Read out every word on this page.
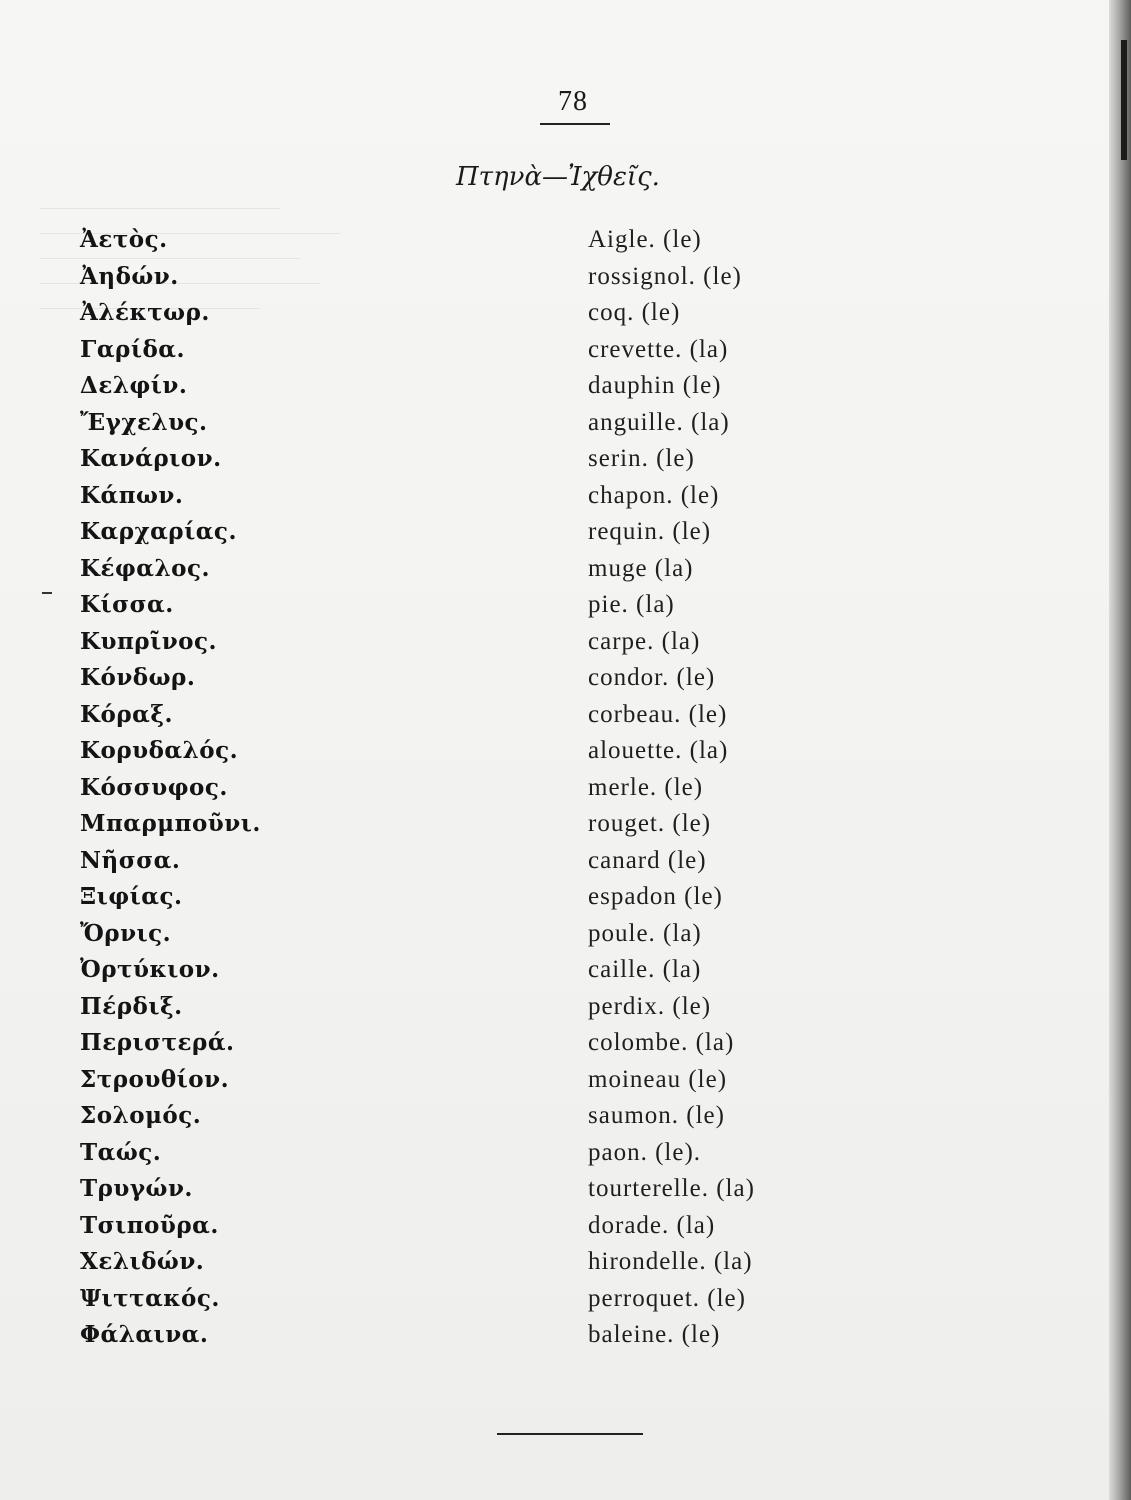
78
Πτηνὰ—Ἰχθεῖς.
Ἀετὸς.
Ἀηδών.
Ἀλέκτωρ.
Γαρίδα.
Δελφίν.
Ἔγχελυς.
Κανάριον.
Κάπων.
Καρχαρίας.
Κέφαλος.
Κίσσα.
Κυπρῖνος.
Κόνδωρ.
Κόραξ.
Κορυδαλός.
Κόσσυφος.
Μπαρμποῦνι.
Νῆσσα.
Ξιφίας.
Ὄρνις.
Ὀρτύκιον.
Πέρδιξ.
Περιστερά.
Στρουθίον.
Σολομός.
Ταώς.
Τρυγών.
Τσιποῦρα.
Χελιδών.
Ψιττακός.
Φάλαινα.
Aigle. (le)
rossignol. (le)
coq. (le)
crevette. (la)
dauphin (le)
anguille. (la)
serin. (le)
chapon. (le)
requin. (le)
muge (la)
pie. (la)
carpe. (la)
condor. (le)
corbeau. (le)
alouette. (la)
merle. (le)
rouget. (le)
canard (le)
espadon (le)
poule. (la)
caille. (la)
perdix. (le)
colombe. (la)
moineau (le)
saumon. (le)
paon. (le).
tourterelle. (la)
dorade. (la)
hirondelle. (la)
perroquet. (le)
baleine. (le)
